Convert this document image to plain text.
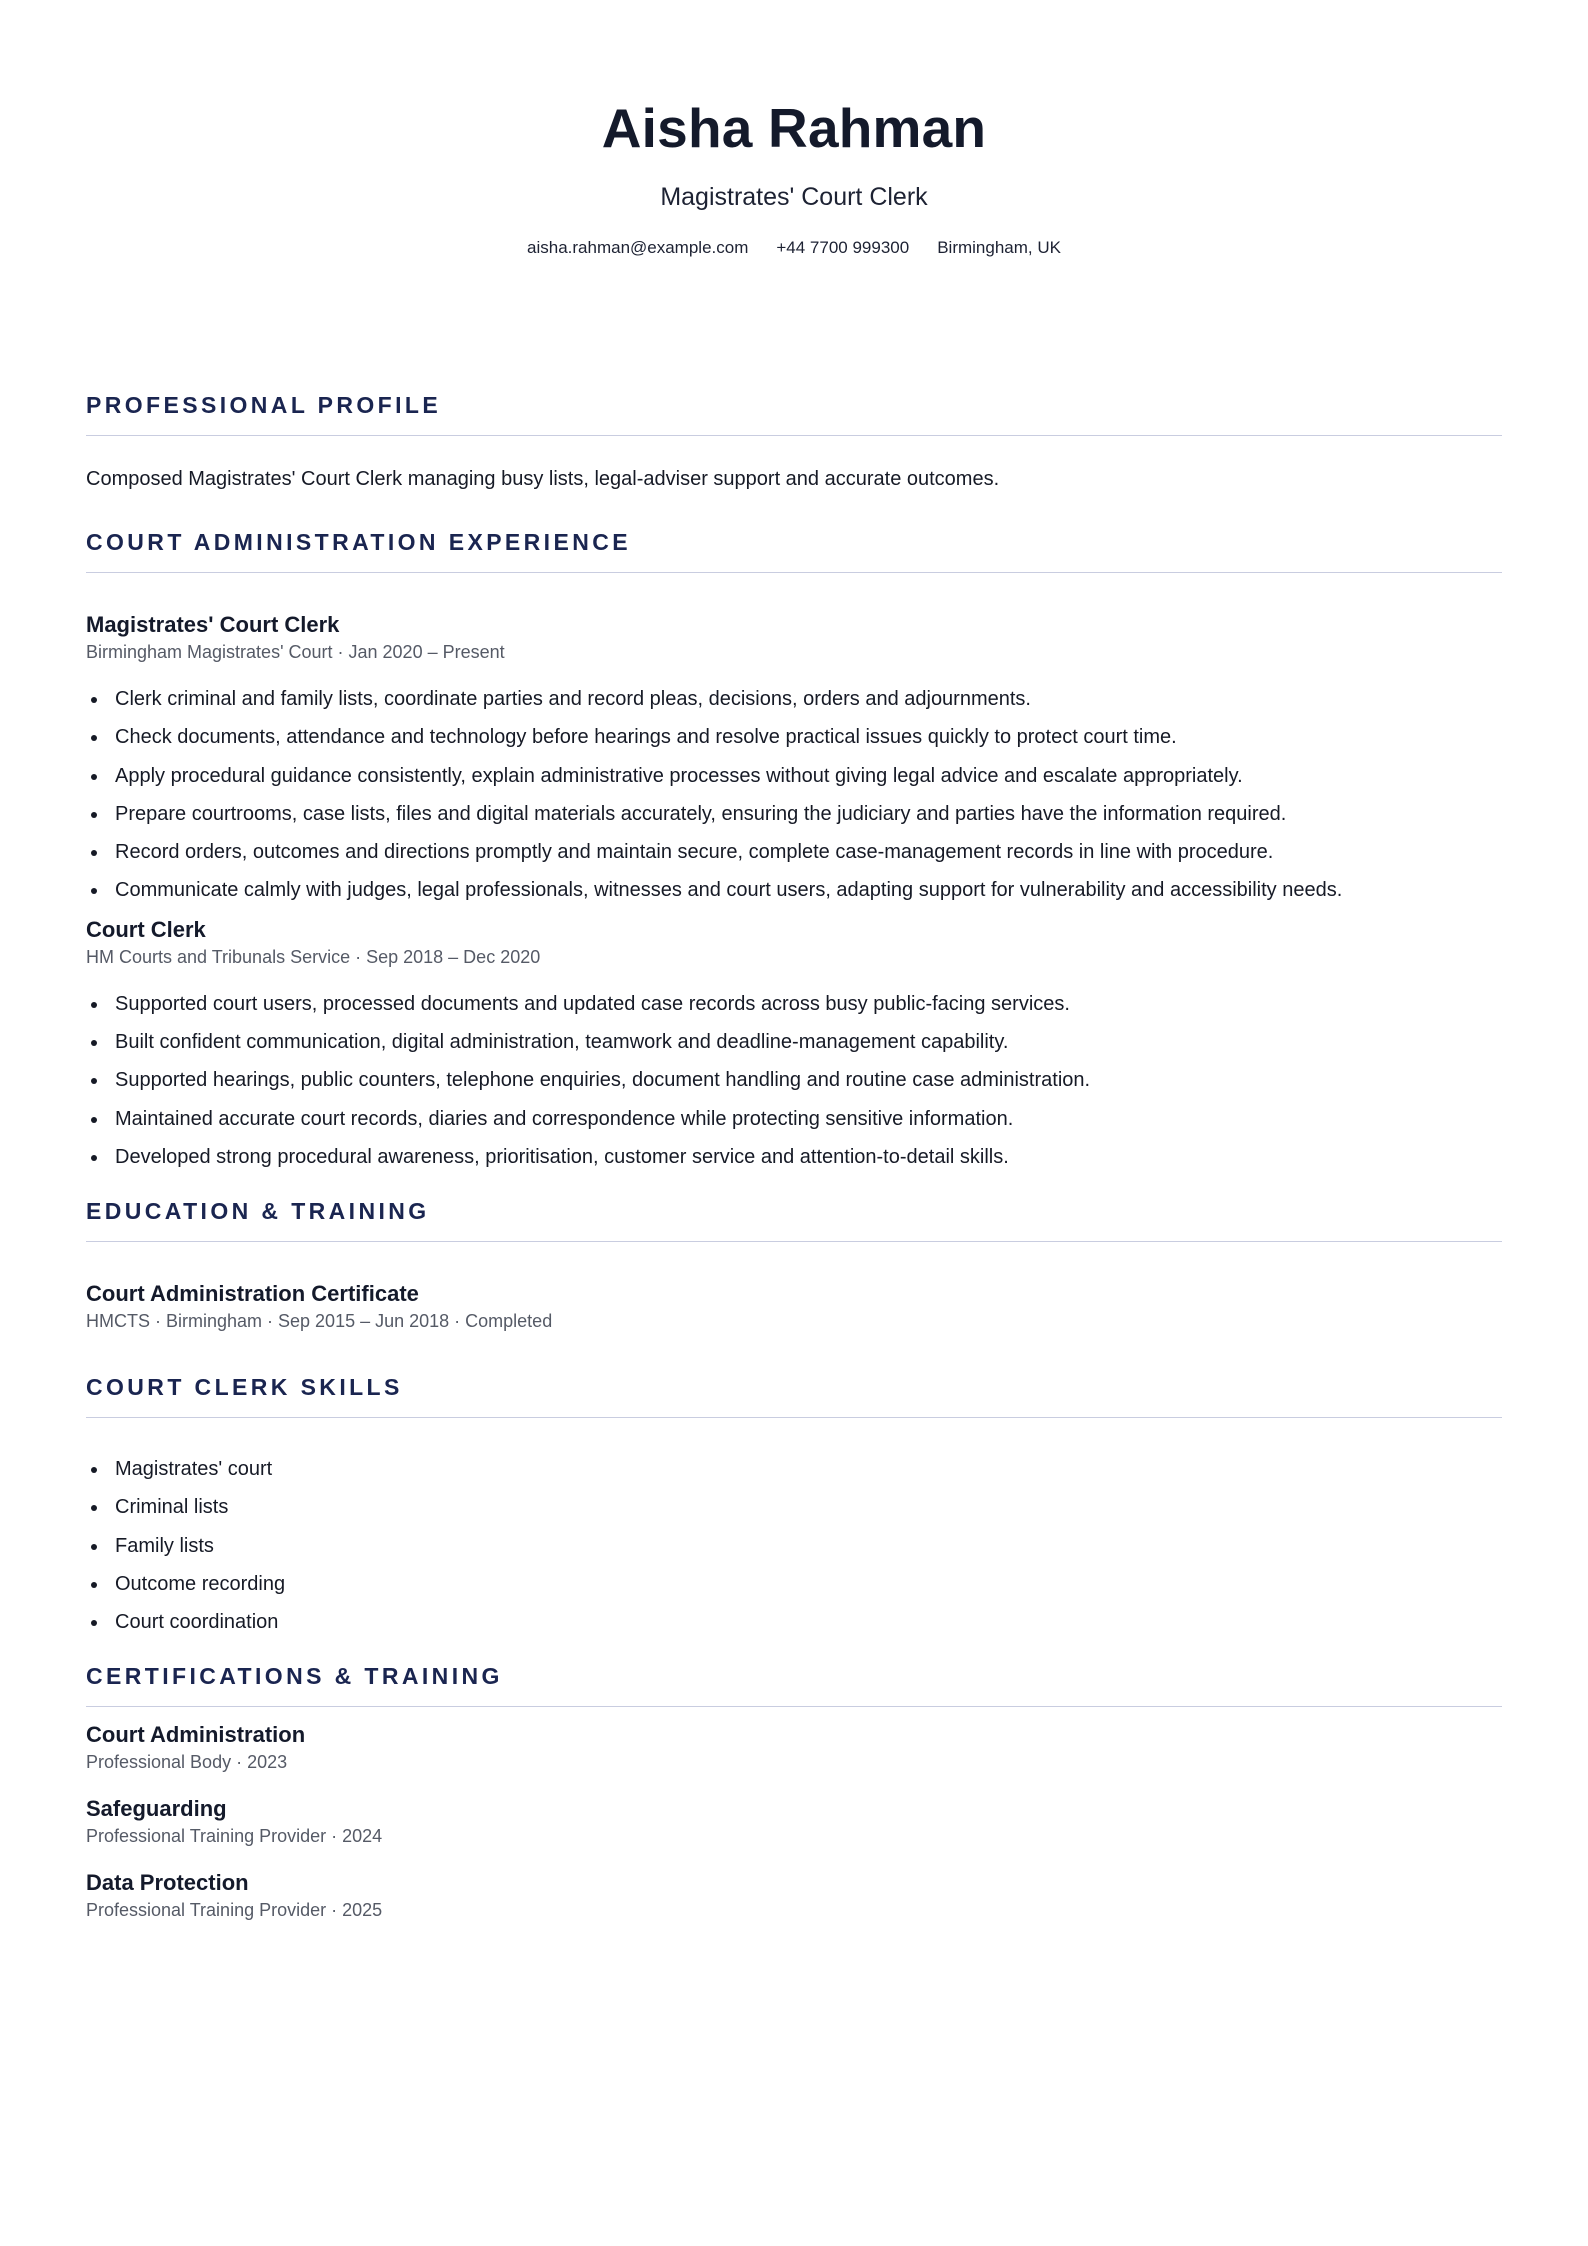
Aisha Rahman
Magistrates' Court Clerk
aisha.rahman@example.com +44 7700 999300 Birmingham, UK
PROFESSIONAL PROFILE
Composed Magistrates' Court Clerk managing busy lists, legal-adviser support and accurate outcomes.
COURT ADMINISTRATION EXPERIENCE
Magistrates' Court Clerk
Birmingham Magistrates' Court · Jan 2020 – Present
Clerk criminal and family lists, coordinate parties and record pleas, decisions, orders and adjournments.
Check documents, attendance and technology before hearings and resolve practical issues quickly to protect court time.
Apply procedural guidance consistently, explain administrative processes without giving legal advice and escalate appropriately.
Prepare courtrooms, case lists, files and digital materials accurately, ensuring the judiciary and parties have the information required.
Record orders, outcomes and directions promptly and maintain secure, complete case-management records in line with procedure.
Communicate calmly with judges, legal professionals, witnesses and court users, adapting support for vulnerability and accessibility needs.
Court Clerk
HM Courts and Tribunals Service · Sep 2018 – Dec 2020
Supported court users, processed documents and updated case records across busy public-facing services.
Built confident communication, digital administration, teamwork and deadline-management capability.
Supported hearings, public counters, telephone enquiries, document handling and routine case administration.
Maintained accurate court records, diaries and correspondence while protecting sensitive information.
Developed strong procedural awareness, prioritisation, customer service and attention-to-detail skills.
EDUCATION & TRAINING
Court Administration Certificate
HMCTS · Birmingham · Sep 2015 – Jun 2018 · Completed
COURT CLERK SKILLS
Magistrates' court
Criminal lists
Family lists
Outcome recording
Court coordination
CERTIFICATIONS & TRAINING
Court Administration
Professional Body · 2023
Safeguarding
Professional Training Provider · 2024
Data Protection
Professional Training Provider · 2025
